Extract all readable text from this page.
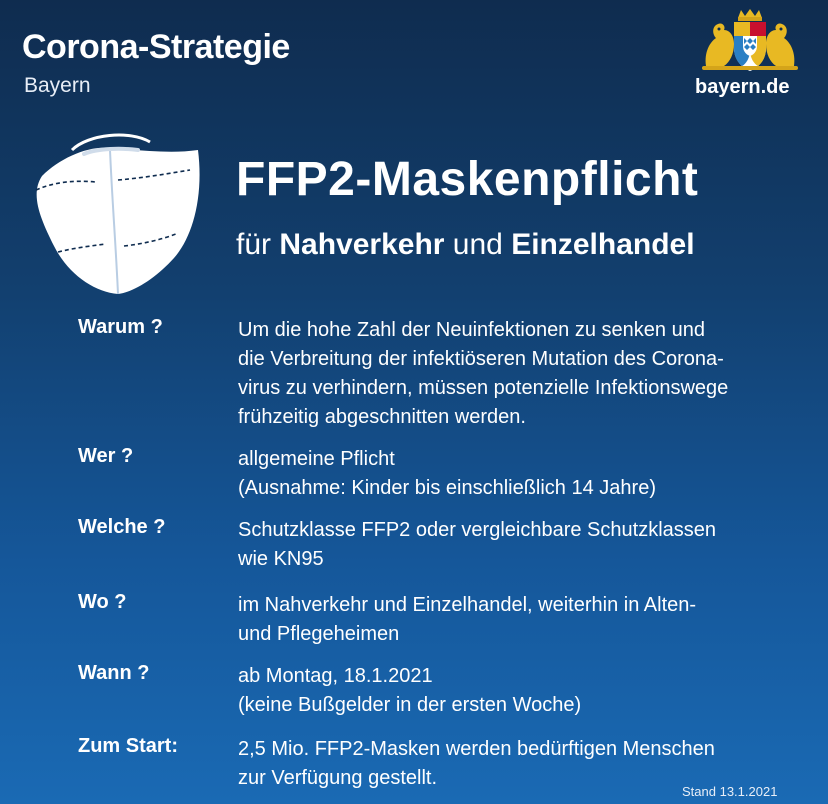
Corona-Strategie
Bayern	bayern.de
FFP2-Maskenpflicht
für Nahverkehr und Einzelhandel
Warum ?	Um die hohe Zahl der Neuinfektionen zu senken und
die Verbreitung der infektiöseren Mutation des Corona-
virus zu verhindern, müssen potenzielle Infektionswege
frühzeitig abgeschnitten werden.
Wer ?	allgemeine Pflicht
(Ausnahme: Kinder bis einschließlich 14 Jahre)
Welche ?	Schutzklasse FFP2 oder vergleichbare Schutzklassen
wie KN95
Wo ?	im Nahverkehr und Einzelhandel, weiterhin in Alten-
und Pflegeheimen
Wann ?	ab Montag, 18.1.2021
(keine Bußgelder in der ersten Woche)
Zum Start:	2,5 Mio. FFP2-Masken werden bedürftigen Menschen
zur Verfügung gestellt.
Stand 13.1.2021
